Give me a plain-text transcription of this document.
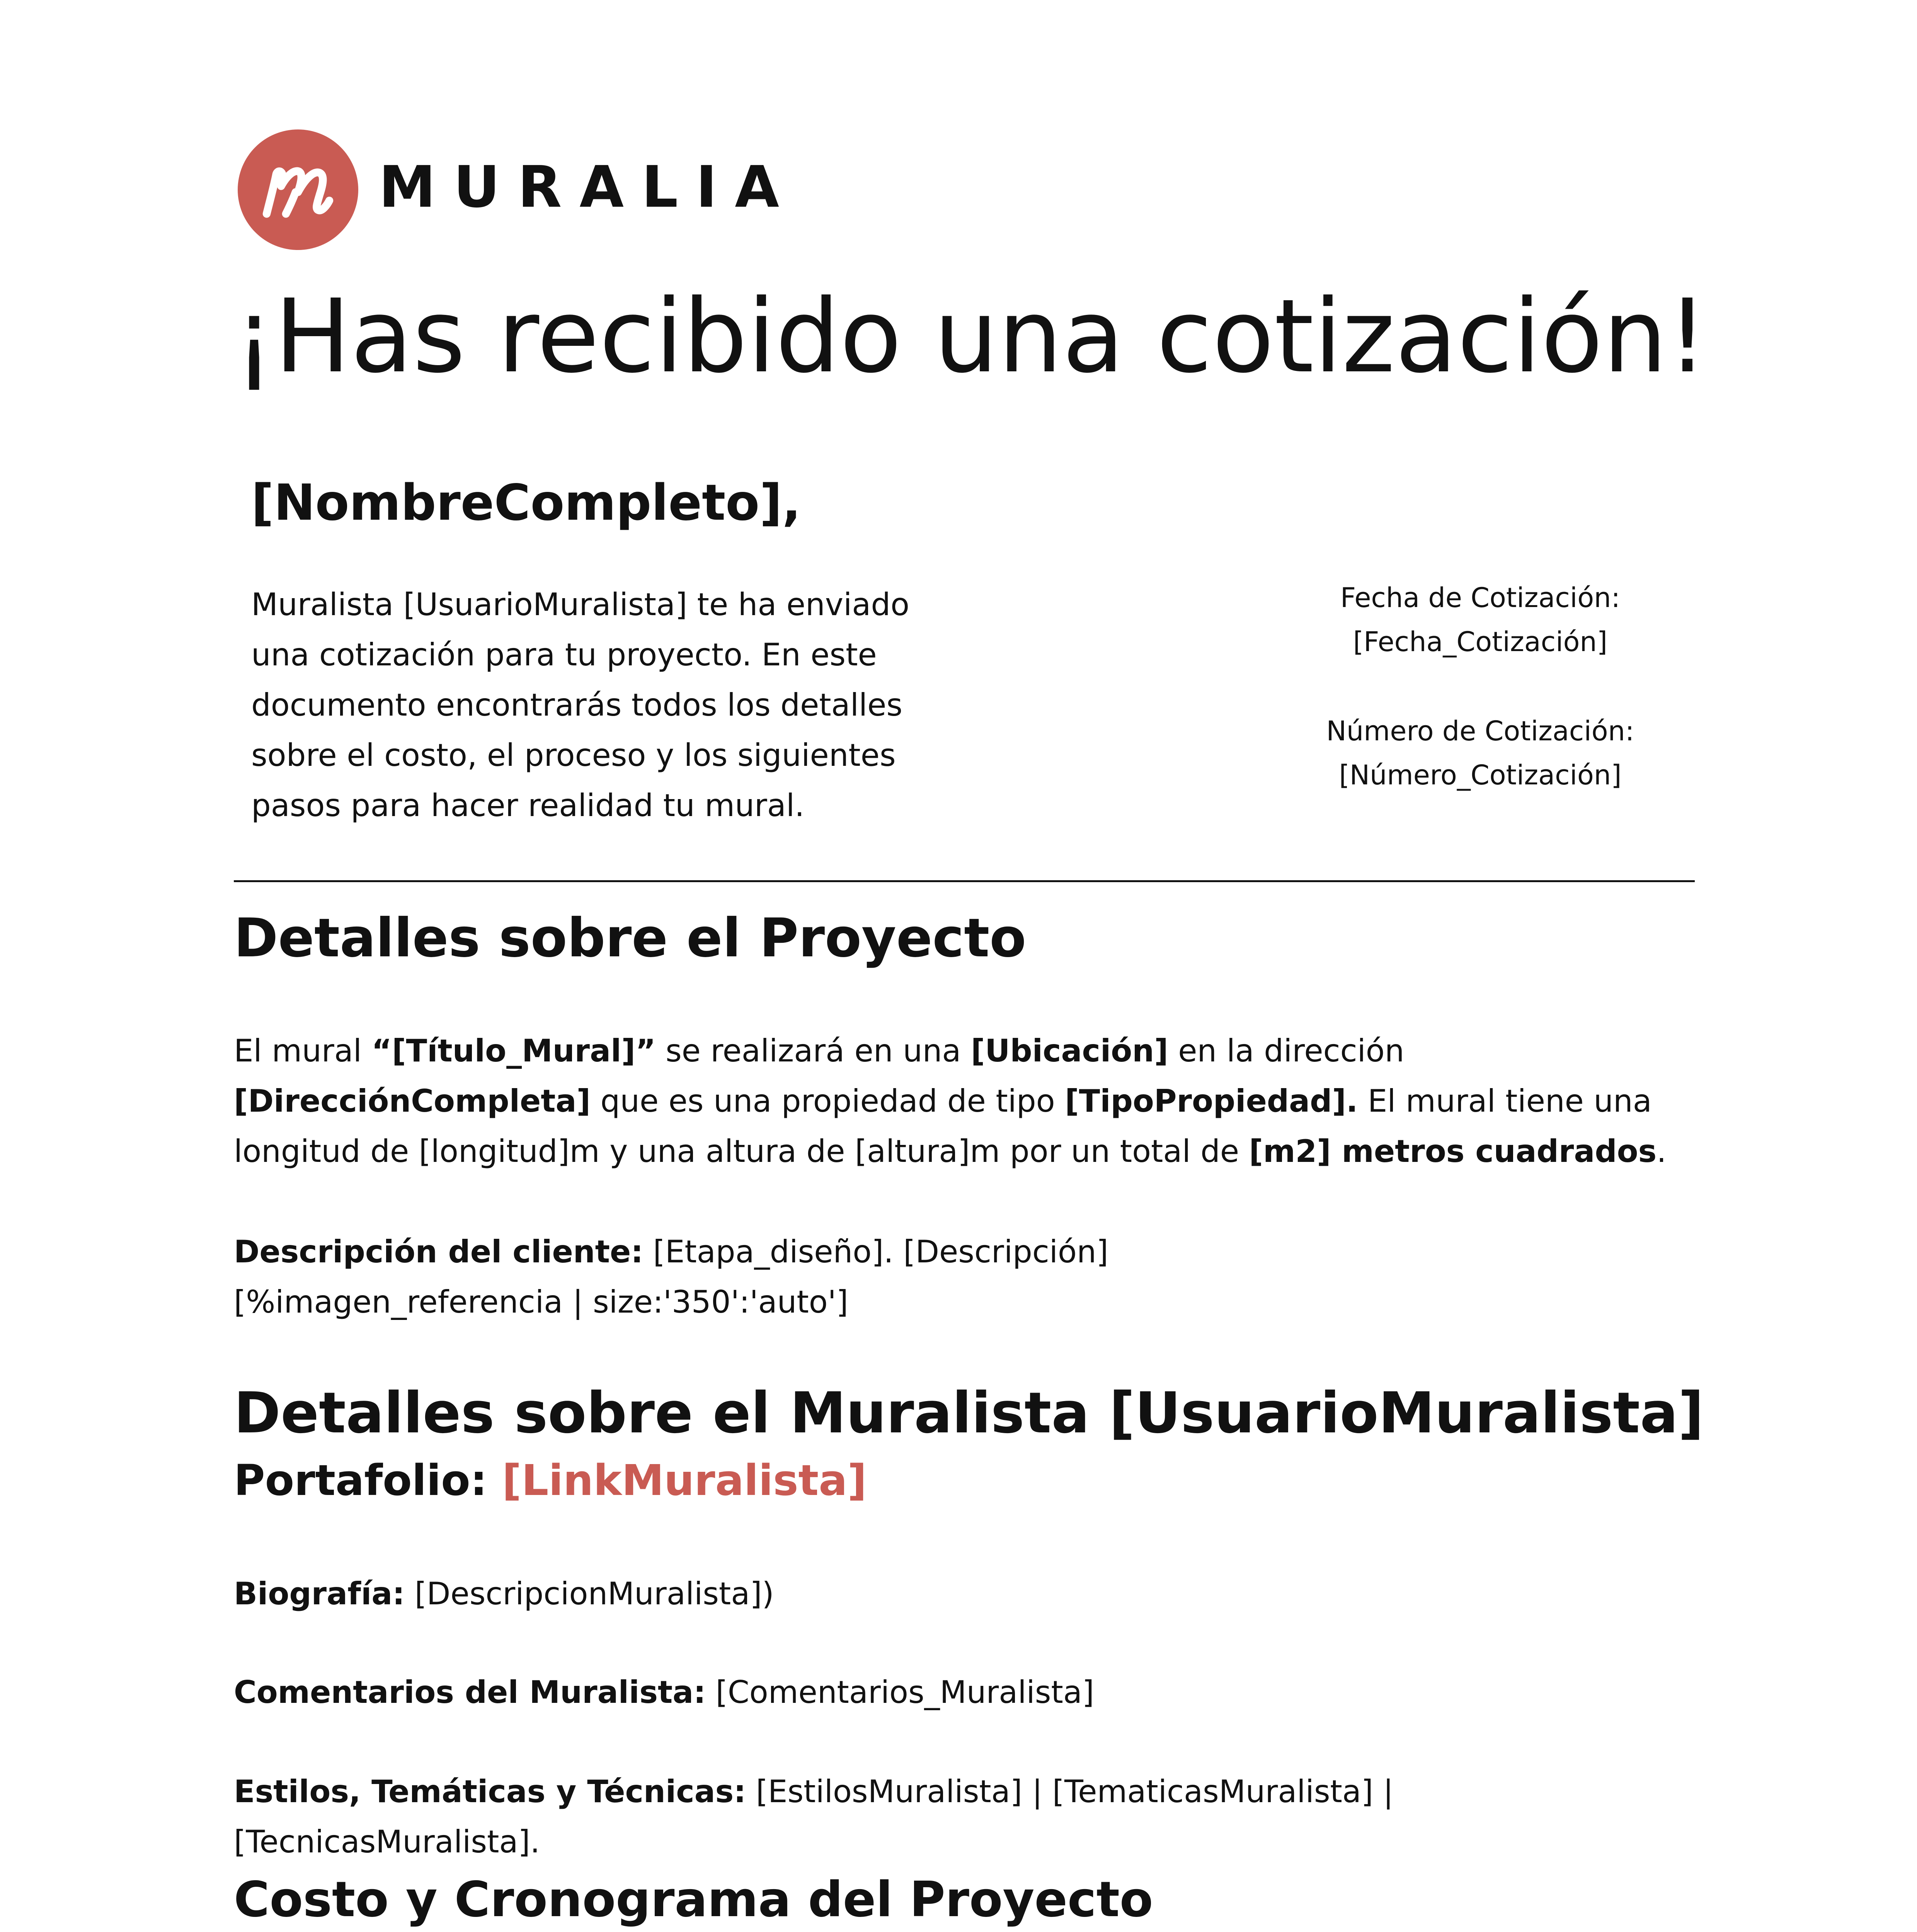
MURALIA
¡Has recibido una cotización!
[NombreCompleto],
Muralista [UsuarioMuralista] te ha enviado una cotización para tu proyecto. En este documento encontrarás todos los detalles sobre el costo, el proceso y los siguientes pasos para hacer realidad tu mural.
Fecha de Cotización:
[Fecha_Cotización]
Número de Cotización:
[Número_Cotización]
Detalles sobre el Proyecto
El mural “[Título_Mural]” se realizará en una [Ubicación] en la dirección [DirecciónCompleta] que es una propiedad de tipo [TipoPropiedad]. El mural tiene una longitud de [longitud]m y una altura de [altura]m por un total de [m2] metros cuadrados.
Descripción del cliente: [Etapa_diseño]. [Descripción]
[%imagen_referencia | size:'350':'auto']
Detalles sobre el Muralista [UsuarioMuralista]
Portafolio: [LinkMuralista]
Biografía: [DescripcionMuralista])
Comentarios del Muralista: [Comentarios_Muralista]
Estilos, Temáticas y Técnicas: [EstilosMuralista] | [TematicasMuralista] | [TecnicasMuralista].
Costo y Cronograma del Proyecto
